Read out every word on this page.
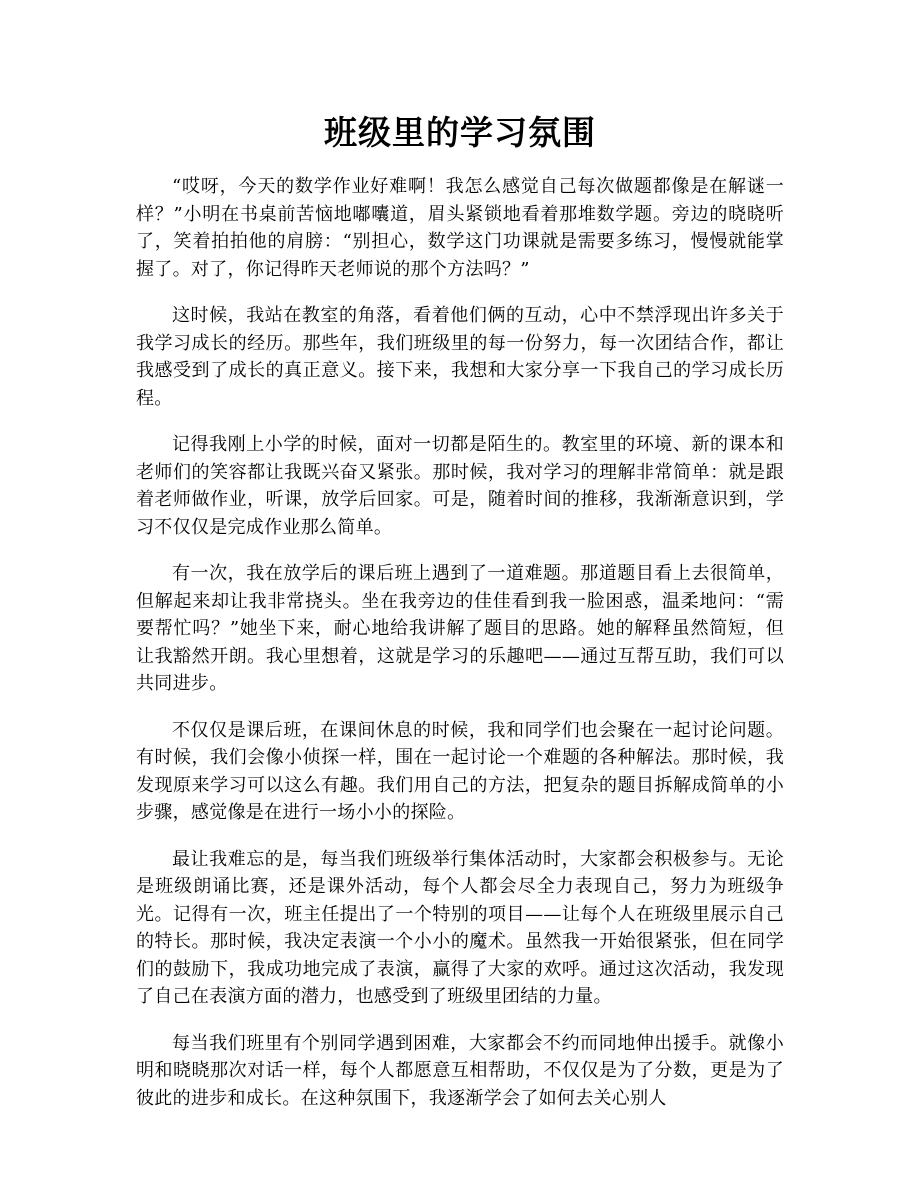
班级里的学习氛围

“哎呀，今天的数学作业好难啊！我怎么感觉自己每次做题都像是在解谜一样？”小明在书桌前苦恼地嘟囔道，眉头紧锁地看着那堆数学题。旁边的晓晓听了，笑着拍拍他的肩膀：“别担心，数学这门功课就是需要多练习，慢慢就能掌握了。对了，你记得昨天老师说的那个方法吗？”

这时候，我站在教室的角落，看着他们俩的互动，心中不禁浮现出许多关于我学习成长的经历。那些年，我们班级里的每一份努力，每一次团结合作，都让我感受到了成长的真正意义。接下来，我想和大家分享一下我自己的学习成长历程。

记得我刚上小学的时候，面对一切都是陌生的。教室里的环境、新的课本和老师们的笑容都让我既兴奋又紧张。那时候，我对学习的理解非常简单：就是跟着老师做作业，听课，放学后回家。可是，随着时间的推移，我渐渐意识到，学习不仅仅是完成作业那么简单。

有一次，我在放学后的课后班上遇到了一道难题。那道题目看上去很简单，但解起来却让我非常挠头。坐在我旁边的佳佳看到我一脸困惑，温柔地问：“需要帮忙吗？”她坐下来，耐心地给我讲解了题目的思路。她的解释虽然简短，但让我豁然开朗。我心里想着，这就是学习的乐趣吧——通过互帮互助，我们可以共同进步。

不仅仅是课后班，在课间休息的时候，我和同学们也会聚在一起讨论问题。有时候，我们会像小侦探一样，围在一起讨论一个难题的各种解法。那时候，我发现原来学习可以这么有趣。我们用自己的方法，把复杂的题目拆解成简单的小步骤，感觉像是在进行一场小小的探险。

最让我难忘的是，每当我们班级举行集体活动时，大家都会积极参与。无论是班级朗诵比赛，还是课外活动，每个人都会尽全力表现自己，努力为班级争光。记得有一次，班主任提出了一个特别的项目——让每个人在班级里展示自己的特长。那时候，我决定表演一个小小的魔术。虽然我一开始很紧张，但在同学们的鼓励下，我成功地完成了表演，赢得了大家的欢呼。通过这次活动，我发现了自己在表演方面的潜力，也感受到了班级里团结的力量。

每当我们班里有个别同学遇到困难，大家都会不约而同地伸出援手。就像小明和晓晓那次对话一样，每个人都愿意互相帮助，不仅仅是为了分数，更是为了彼此的进步和成长。在这种氛围下，我逐渐学会了如何去关心别人
